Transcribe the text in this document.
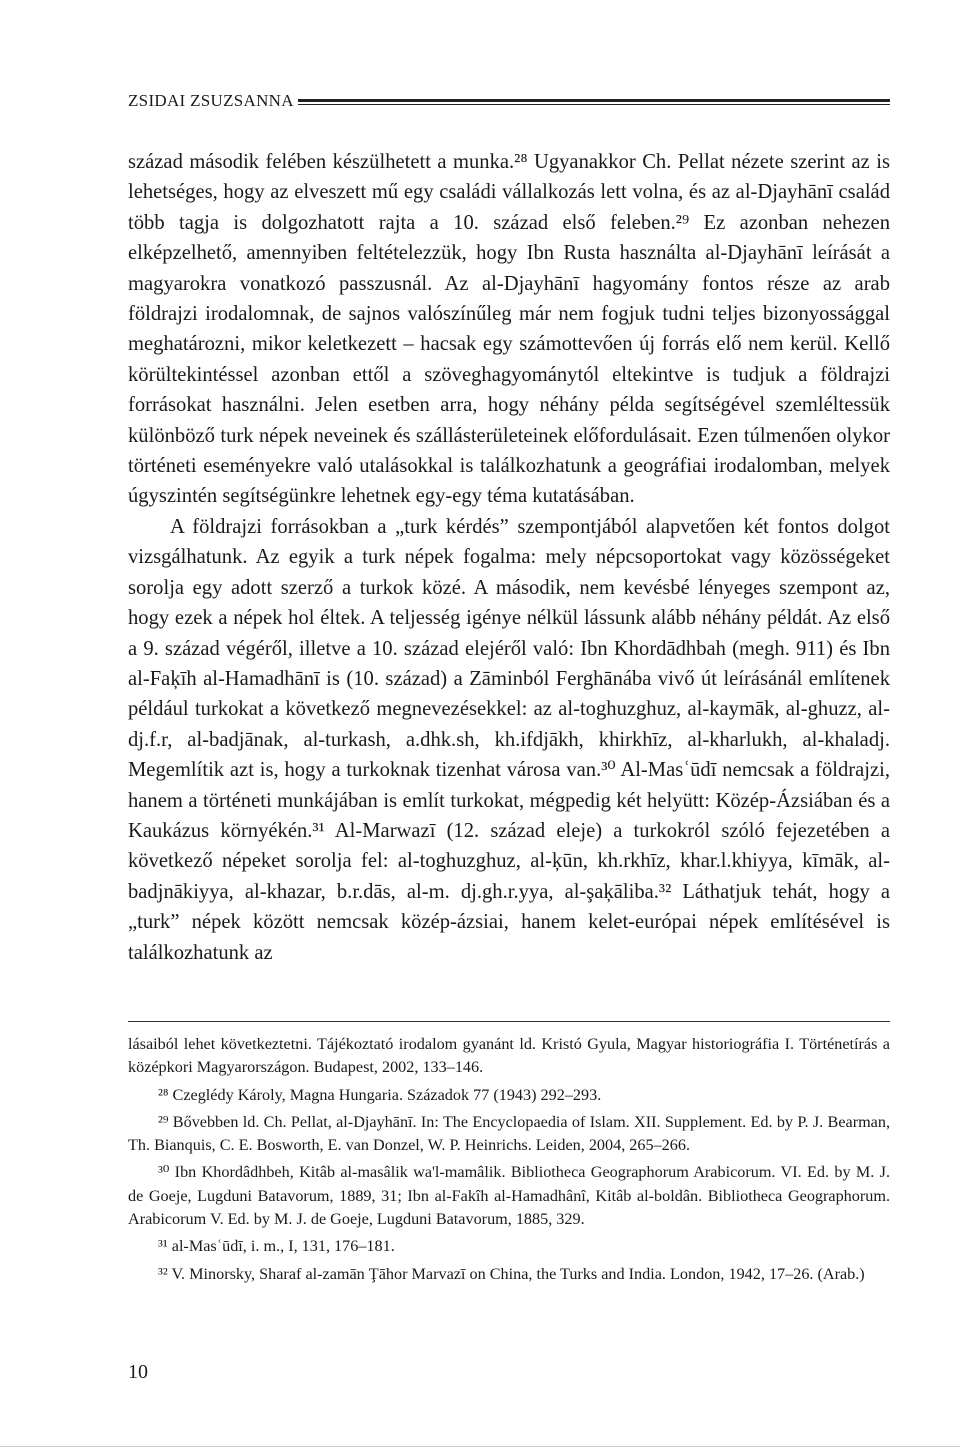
ZSIDAI ZSUZSANNA

század második felében készülhetett a munka.²⁸ Ugyanakkor Ch. Pellat nézete szerint az is lehetséges, hogy az elveszett mű egy családi vállalkozás lett volna, és az al-Djayhānī család több tagja is dolgozhatott rajta a 10. század első feleben.²⁹ Ez azonban nehezen elképzelhető, amennyiben feltételezzük, hogy Ibn Rusta használta al-Djayhānī leírását a magyarokra vonatkozó passzusnál. Az al-Djayhānī hagyomány fontos része az arab földrajzi irodalomnak, de sajnos valószínűleg már nem fogjuk tudni teljes bizonyossággal meghatározni, mikor keletkezett – hacsak egy számottevően új forrás elő nem kerül. Kellő körültekintéssel azonban ettől a szöveghagyománytól eltekintve is tudjuk a földrajzi forrásokat használni. Jelen esetben arra, hogy néhány példa segítségével szemléltessük különböző turk népek neveinek és szállásterületeinek előfordulásait. Ezen túlmenően olykor történeti eseményekre való utalásokkal is találkozhatunk a geográfiai irodalomban, melyek úgyszintén segítségünkre lehetnek egy-egy téma kutatásában.

A földrajzi forrásokban a „turk kérdés” szempontjából alapvetően két fontos dolgot vizsgálhatunk. Az egyik a turk népek fogalma: mely népcsoportokat vagy közösségeket sorolja egy adott szerző a turkok közé. A második, nem kevésbé lényeges szempont az, hogy ezek a népek hol éltek. A teljesség igénye nélkül lássunk alább néhány példát. Az első a 9. század végéről, illetve a 10. század elejéről való: Ibn Khordādhbah (megh. 911) és Ibn al-Faķīh al-Hamadhānī is (10. század) a Zāminból Ferghānába vivő út leírásánál említenek például turkokat a következő megnevezésekkel: az al-toghuzghuz, al-kaymāk, al-ghuzz, al-dj.f.r, al-badjānak, al-turkash, a.dhk.sh, kh.ifdjākh, khirkhīz, al-kharlukh, al-khaladj. Megemlítik azt is, hogy a turkoknak tizenhat városa van.³⁰ Al-Masʿūdī nemcsak a földrajzi, hanem a történeti munkájában is említ turkokat, mégpedig két helyütt: Közép-Ázsiában és a Kaukázus környékén.³¹ Al-Marwazī (12. század eleje) a turkokról szóló fejezetében a következő népeket sorolja fel: al-toghuzghuz, al-ķūn, kh.rkhīz, khar.l.khiyya, kīmāk, al-badjnākiyya, al-khazar, b.r.dās, al-m. dj.gh.r.yya, al-şaķāliba.³² Láthatjuk tehát, hogy a „turk” népek között nemcsak közép-ázsiai, hanem kelet-európai népek említésével is találkozhatunk az

lásaiból lehet következtetni. Tájékoztató irodalom gyanánt ld. Kristó Gyula, Magyar historiográfia I. Történetírás a középkori Magyarországon. Budapest, 2002, 133–146.

²⁸ Czeglédy Károly, Magna Hungaria. Századok 77 (1943) 292–293.

²⁹ Bővebben ld. Ch. Pellat, al-Djayhānī. In: The Encyclopaedia of Islam. XII. Supplement. Ed. by P. J. Bearman, Th. Bianquis, C. E. Bosworth, E. van Donzel, W. P. Heinrichs. Leiden, 2004, 265–266.

³⁰ Ibn Khordâdhbeh, Kitâb al-masâlik wa'l-mamâlik. Bibliotheca Geographorum Arabicorum. VI. Ed. by M. J. de Goeje, Lugduni Batavorum, 1889, 31; Ibn al-Fakîh al-Hamadhânî, Kitâb al-boldân. Bibliotheca Geographorum. Arabicorum V. Ed. by M. J. de Goeje, Lugduni Batavorum, 1885, 329.

³¹ al-Masʿūdī, i. m., I, 131, 176–181.

³² V. Minorsky, Sharaf al-zamān Ţāhor Marvazī on China, the Turks and India. London, 1942, 17–26. (Arab.)

10
